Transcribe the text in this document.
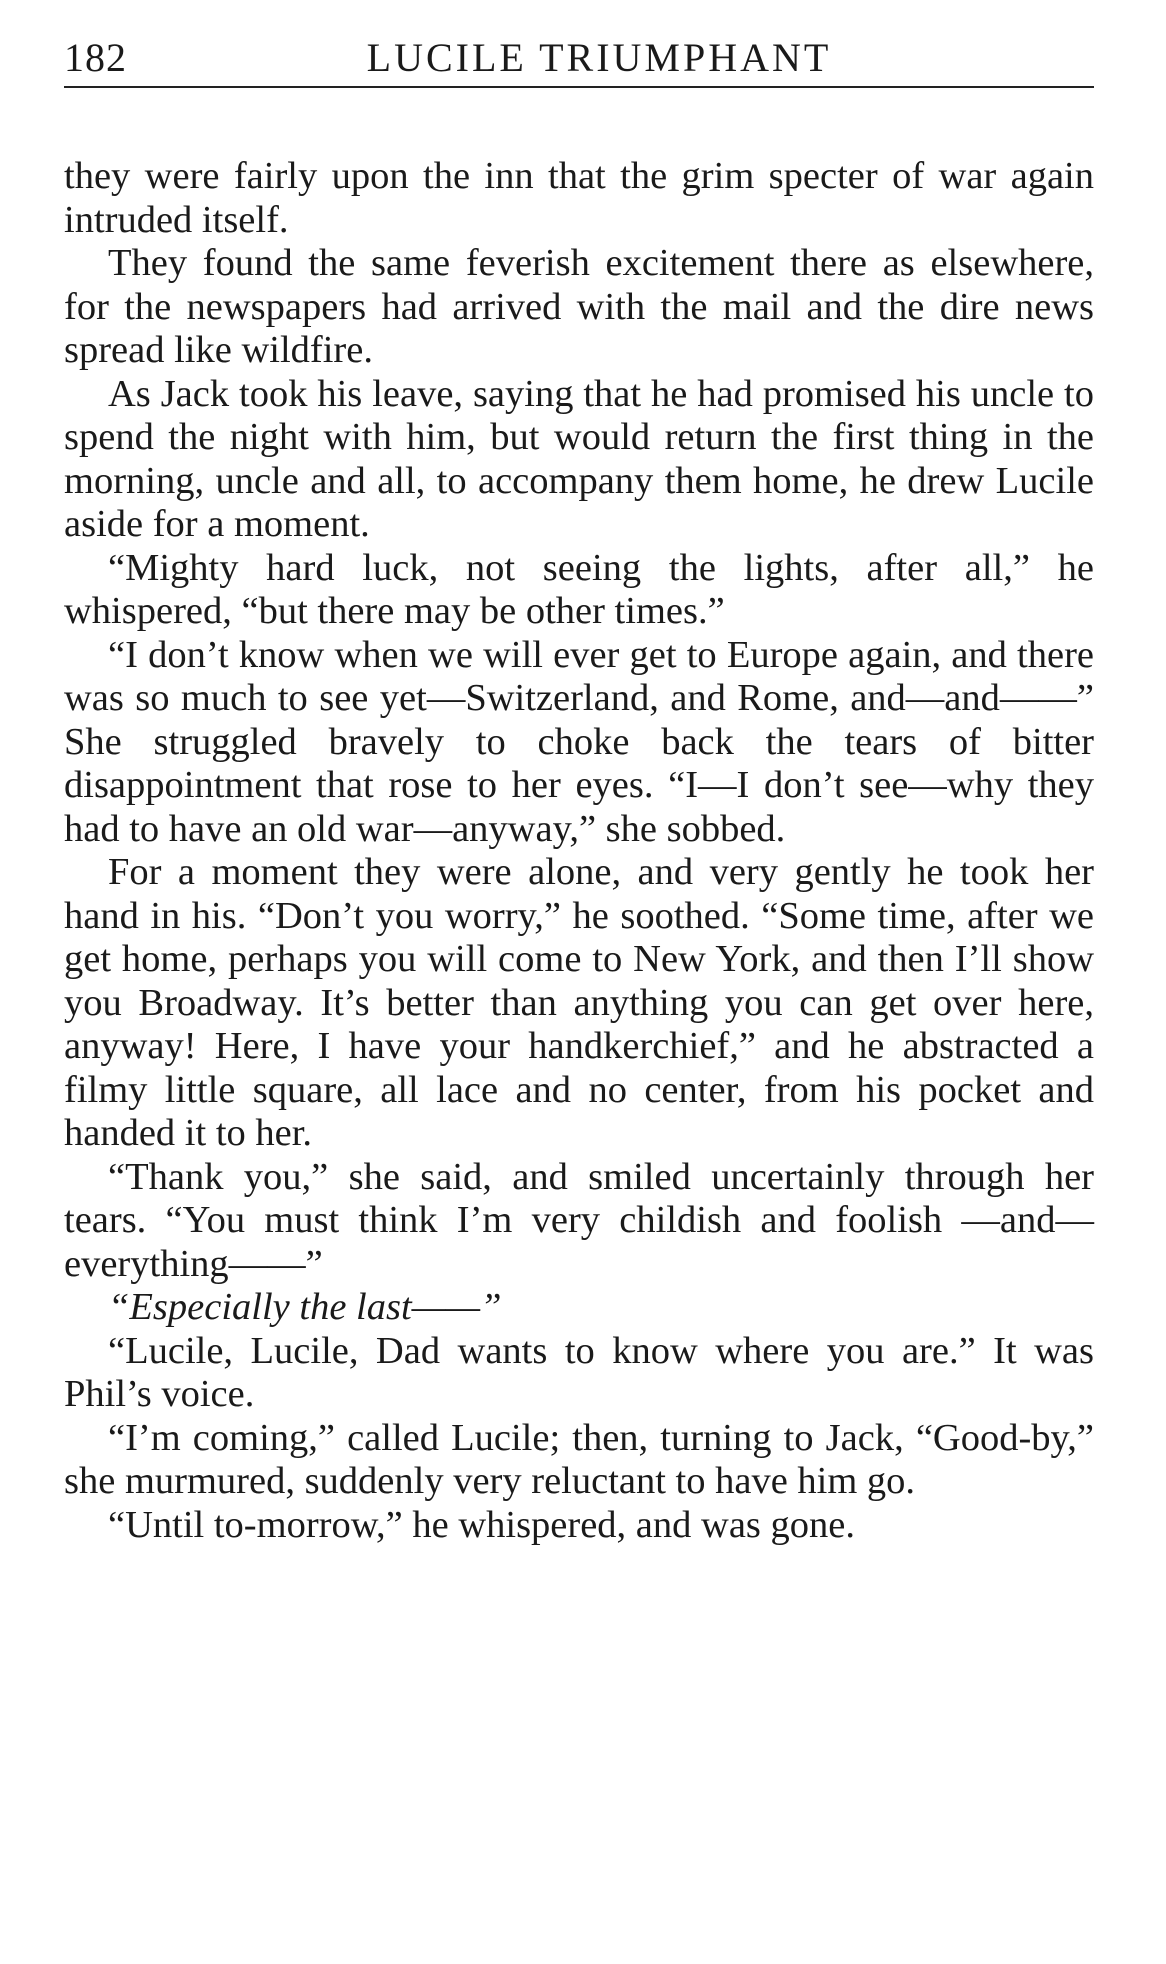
182	LUCILE TRIUMPHANT

they were fairly upon the inn that the grim specter of war again intruded itself.

They found the same feverish excitement there as elsewhere, for the newspapers had arrived with the mail and the dire news spread like wildfire.

As Jack took his leave, saying that he had promised his uncle to spend the night with him, but would return the first thing in the morning, uncle and all, to accompany them home, he drew Lucile aside for a moment.

“Mighty hard luck, not seeing the lights, after all,” he whispered, “but there may be other times.”

“I don’t know when we will ever get to Europe again, and there was so much to see yet—Switzerland, and Rome, and—and——” She struggled bravely to choke back the tears of bitter disappointment that rose to her eyes. “I—I don’t see—why they had to have an old war—anyway,” she sobbed.

For a moment they were alone, and very gently he took her hand in his. “Don’t you worry,” he soothed. “Some time, after we get home, perhaps you will come to New York, and then I’ll show you Broadway. It’s better than anything you can get over here, anyway! Here, I have your handkerchief,” and he abstracted a filmy little square, all lace and no center, from his pocket and handed it to her.

“Thank you,” she said, and smiled uncertainly through her tears. “You must think I’m very childish and foolish —and—everything——”

“Especially the last——”

“Lucile, Lucile, Dad wants to know where you are.” It was Phil’s voice.

“I’m coming,” called Lucile; then, turning to Jack, “Good-by,” she murmured, suddenly very reluctant to have him go.

“Until to-morrow,” he whispered, and was gone.
